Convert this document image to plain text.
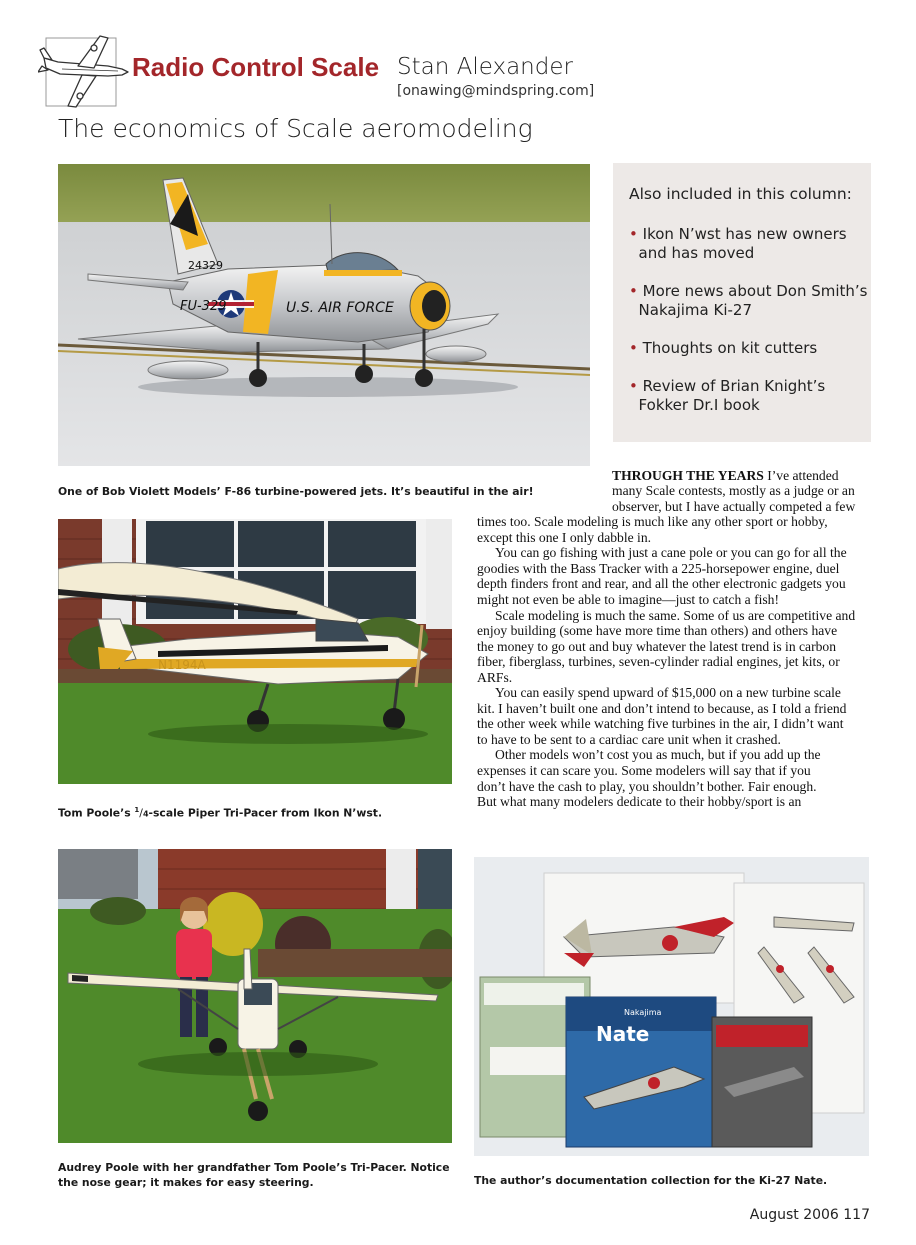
Radio Control Scale Stan Alexander
[onawing@mindspring.com]
The economics of Scale aeromodeling
24329
FU-329	U.S. AIR FORCE
Also included in this column:
• Ikon N’wst has new owners
and has moved
• More news about Don Smith’s
Nakajima Ki-27
• Thoughts on kit cutters
• Review of Brian Knight’s
Fokker Dr.I book
One of Bob Violett Models’ F-86 turbine-powered jets. It’s beautiful in the air!
N1194A
Tom Poole’s $^1$/4-scale Piper Tri-Pacer from Ikon N’wst.
THROUGH THE YEARS I’ve attended
many Scale contests, mostly as a judge or an
observer, but I have actually competed a few
times too. Scale modeling is much like any other sport or hobby,
except this one I only dabble in.
You can go fishing with just a cane pole or you can go for all the
goodies with the Bass Tracker with a 225-horsepower engine, duel
depth finders front and rear, and all the other electronic gadgets you
might not even be able to imagine—just to catch a fish!
Scale modeling is much the same. Some of us are competitive and
enjoy building (some have more time than others) and others have
the money to go out and buy whatever the latest trend is in carbon
fiber, fiberglass, turbines, seven-cylinder radial engines, jet kits, or
ARFs.
You can easily spend upward of $15,000 on a new turbine scale
kit. I haven’t built one and don’t intend to because, as I told a friend
the other week while watching five turbines in the air, I didn’t want
to have to be sent to a cardiac care unit when it crashed.
Other models won’t cost you as much, but if you add up the
expenses it can scare you. Some modelers will say that if you
don’t have the cash to play, you shouldn’t bother. Fair enough.
But what many modelers dedicate to their hobby/sport is an
Nakajima
Nate
Audrey Poole with her grandfather Tom Poole’s Tri-Pacer. Notice
the nose gear; it makes for easy steering.	The author’s documentation collection for the Ki-27 Nate.
August 2006 117
